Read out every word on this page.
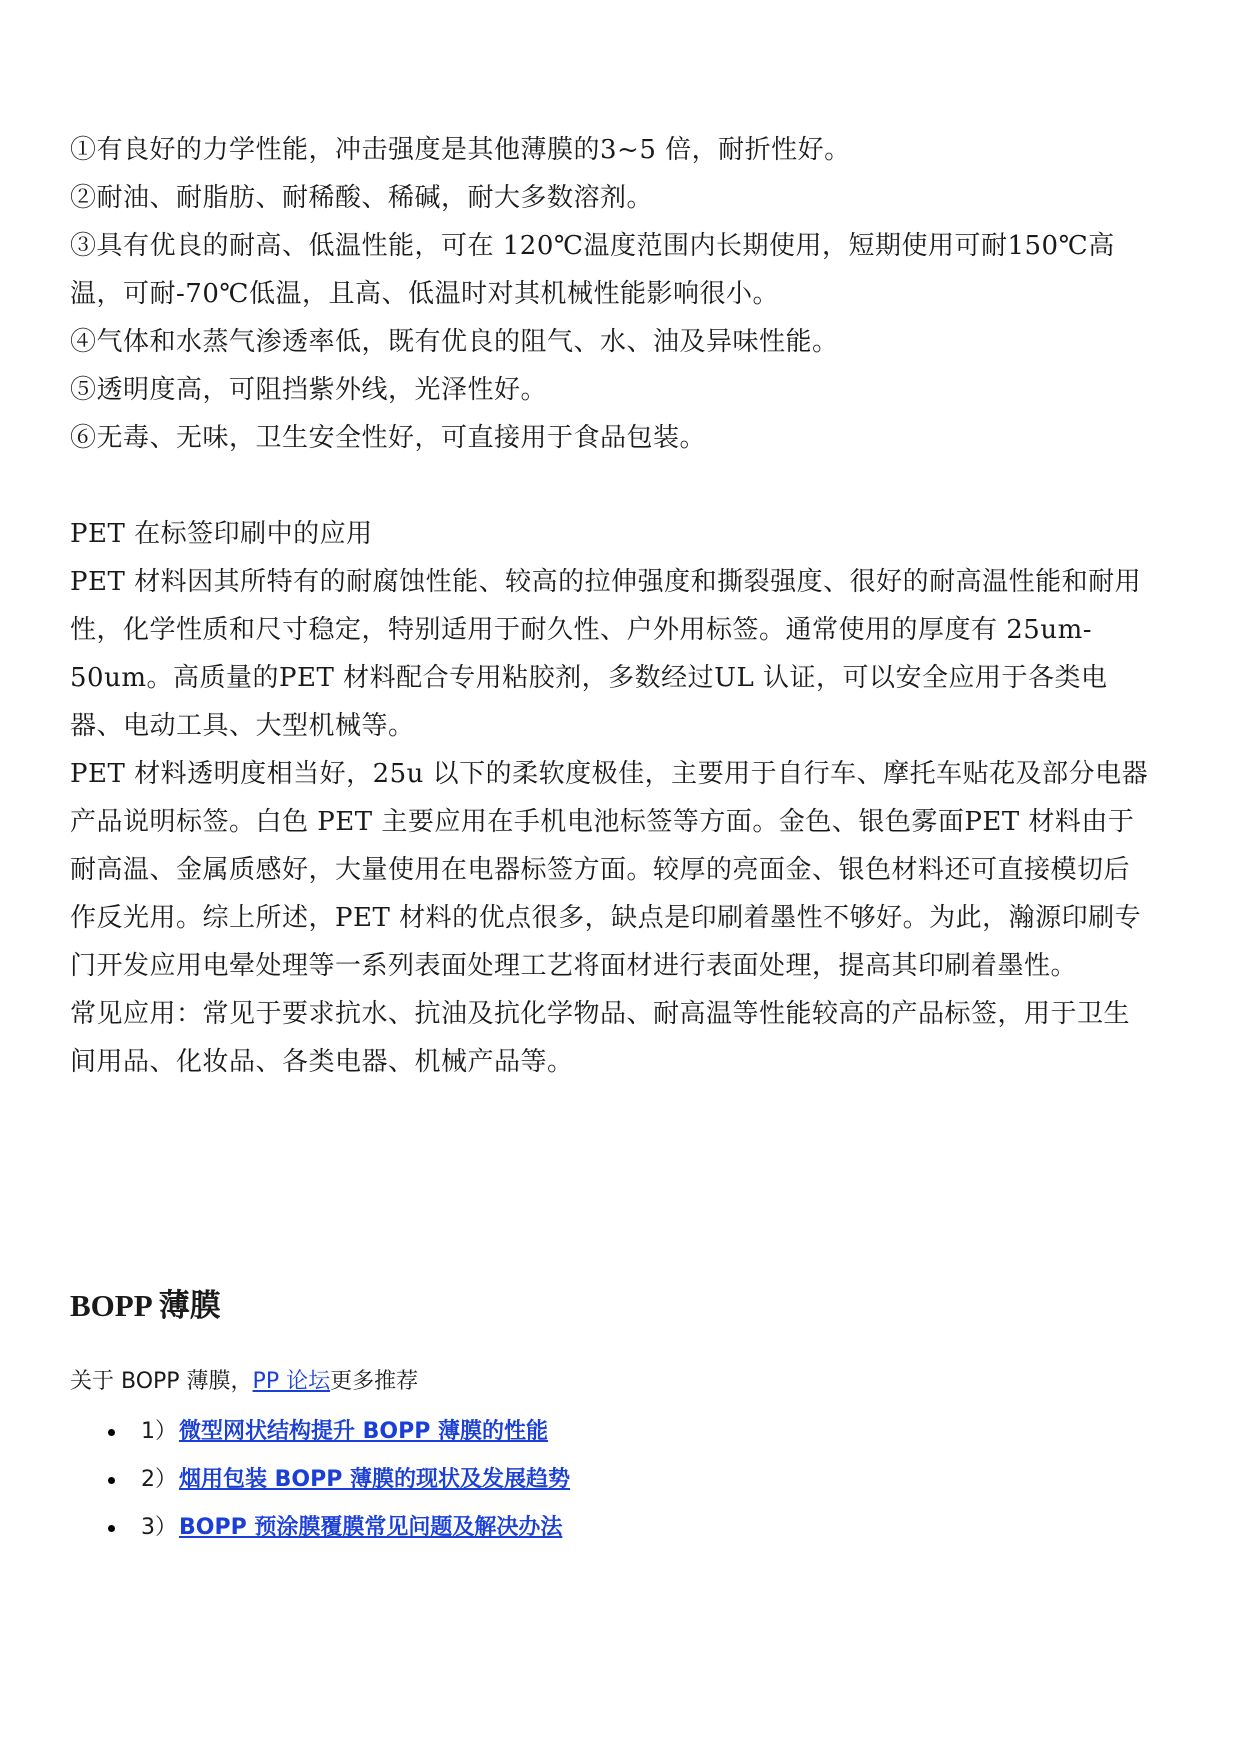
①有良好的力学性能，冲击强度是其他薄膜的3~5 倍，耐折性好。

②耐油、耐脂肪、耐稀酸、稀碱，耐大多数溶剂。

③具有优良的耐高、低温性能，可在 120℃温度范围内长期使用，短期使用可耐150℃高温，可耐-70℃低温，且高、低温时对其机械性能影响很小。

④气体和水蒸气渗透率低，既有优良的阻气、水、油及异味性能。

⑤透明度高，可阻挡紫外线，光泽性好。

⑥无毒、无味，卫生安全性好，可直接用于食品包装。

PET 在标签印刷中的应用

PET 材料因其所特有的耐腐蚀性能、较高的拉伸强度和撕裂强度、很好的耐高温性能和耐用性，化学性质和尺寸稳定，特别适用于耐久性、户外用标签。通常使用的厚度有 25um-50um。高质量的PET 材料配合专用粘胶剂，多数经过UL 认证，可以安全应用于各类电器、电动工具、大型机械等。

PET 材料透明度相当好，25u 以下的柔软度极佳，主要用于自行车、摩托车贴花及部分电器产品说明标签。白色 PET 主要应用在手机电池标签等方面。金色、银色雾面PET 材料由于耐高温、金属质感好，大量使用在电器标签方面。较厚的亮面金、银色材料还可直接模切后作反光用。综上所述，PET 材料的优点很多，缺点是印刷着墨性不够好。为此，瀚源印刷专门开发应用电晕处理等一系列表面处理工艺将面材进行表面处理，提高其印刷着墨性。

常见应用：常见于要求抗水、抗油及抗化学物品、耐高温等性能较高的产品标签，用于卫生间用品、化妆品、各类电器、机械产品等。

BOPP 薄膜
关于 BOPP 薄膜，PP 论坛更多推荐
1） 微型网状结构提升 BOPP 薄膜的性能
2） 烟用包装 BOPP 薄膜的现状及发展趋势
3） BOPP 预涂膜覆膜常见问题及解决办法
